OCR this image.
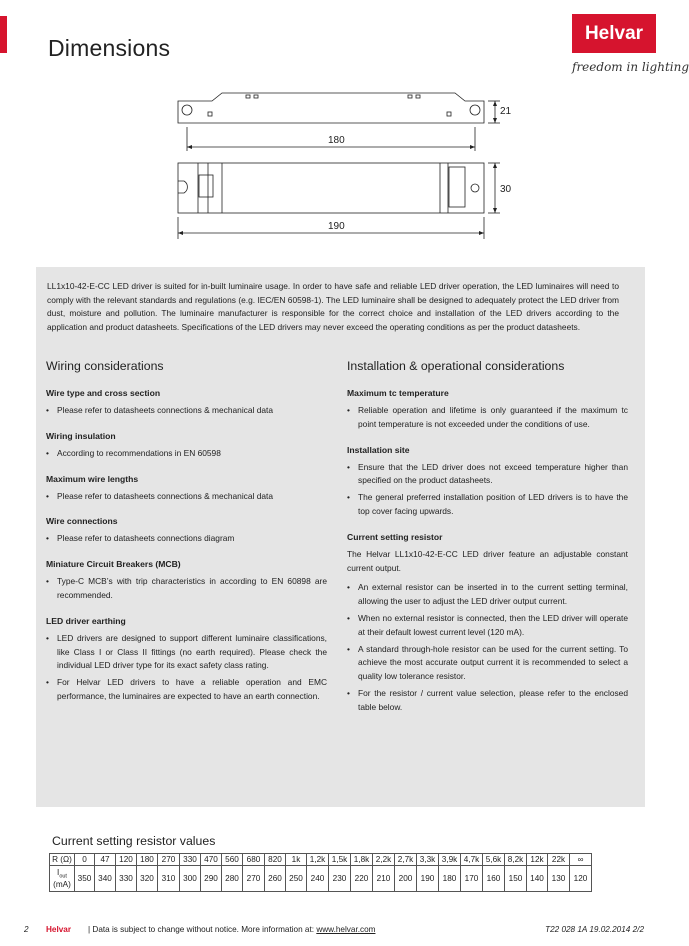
Dimensions
Helvar
freedom in lighting
21
180
30
190
LL1x10-42-E-CC LED driver is suited for in-built luminaire usage. In order to have safe and reliable LED driver operation, the LED luminaires will need to comply with the relevant standards and regulations (e.g. IEC/EN 60598-1). The LED luminaire shall be designed to adequately protect the LED driver from dust, moisture and pollution. The luminaire manufacturer is responsible for the correct choice and installation of the LED drivers according to the application and product datasheets. Specifications of the LED drivers may never exceed the operating conditions as per the product datasheets.
Wiring considerations
Wire type and cross section
• Please refer to datasheets connections & mechanical data
Wiring insulation
• According to recommendations in EN 60598
Maximum wire lengths
• Please refer to datasheets connections & mechanical data
Wire connections
• Please refer to datasheets connections diagram
Miniature Circuit Breakers (MCB)
• Type-C MCB’s with trip characteristics in according to EN 60898 are recommended.
LED driver earthing
• LED drivers are designed to support different luminaire classifications, like Class I or Class II fittings (no earth required). Please check the individual LED driver type for its exact safety class rating.
• For Helvar LED drivers to have a reliable operation and EMC performance, the luminaires are expected to have an earth connection.
Installation & operational considerations
Maximum tc temperature
• Reliable operation and lifetime is only guaranteed if the maximum tc point temperature is not exceeded under the conditions of use.
Installation site
• Ensure that the LED driver does not exceed temperature higher than specified on the product datasheets.
• The general preferred installation position of LED drivers is to have the top cover facing upwards.
Current setting resistor

The Helvar LL1x10-42-E-CC LED driver feature an adjustable constant current output.

• An external resistor can be inserted in to the current setting terminal, allowing the user to adjust the LED driver output current.
• When no external resistor is connected, then the LED driver will operate at their default lowest current level (120 mA).
• A standard through-hole resistor can be used for the current setting. To achieve the most accurate output current it is recommended to select a quality low tolerance resistor.
• For the resistor / current value selection, please refer to the enclosed table below.
Current setting resistor values
R (Ω)	0	47	120	180	270	330	470	560	680	820	1k	1,2k	1,5k	1,8k	2,2k	2,7k	3,3k	3,9k	4,7k	5,6k	8,2k	12k	22k	∞
$I_{out}$
(mA)	350	340	330	320	310	300	290	280	270	260	250	240	230	220	210	200	190	180	170	160	150	140	130	120
2 Helvar | Data is subject to change without notice. More information at: www.helvar.com	T22 028 1A 19.02.2014 2/2
